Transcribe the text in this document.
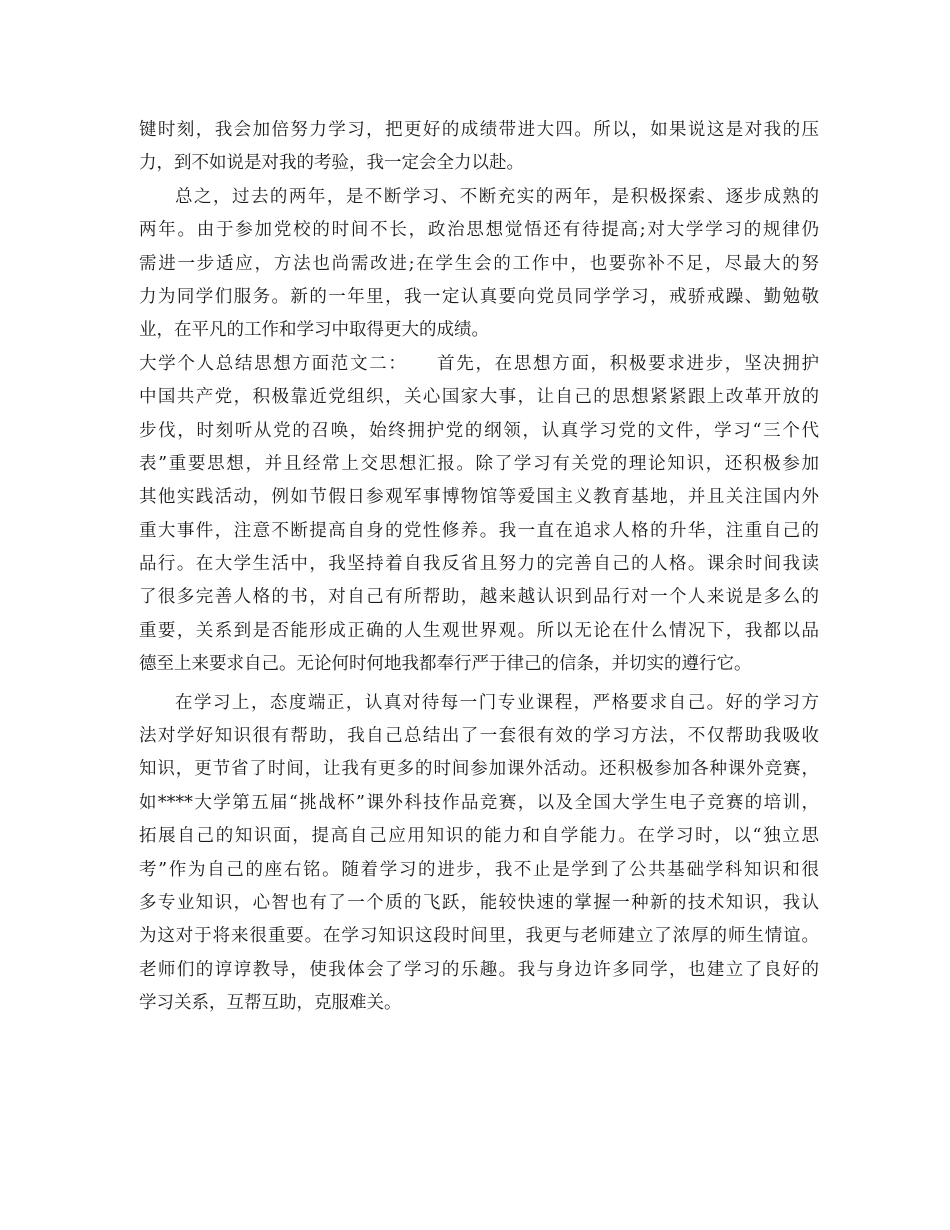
键时刻，我会加倍努力学习，把更好的成绩带进大四。所以，如果说这是对我的压
力，到不如说是对我的考验，我一定会全力以赴。
总之，过去的两年，是不断学习、不断充实的两年，是积极探索、逐步成熟的
两年。由于参加党校的时间不长，政治思想觉悟还有待提高;对大学学习的规律仍
需进一步适应，方法也尚需改进;在学生会的工作中，也要弥补不足，尽最大的努
力为同学们服务。新的一年里，我一定认真要向党员同学学习，戒骄戒躁、勤勉敬
业，在平凡的工作和学习中取得更大的成绩。
大学个人总结思想方面范文二：　　首先，在思想方面，积极要求进步，坚决拥护
中国共产党，积极靠近党组织，关心国家大事，让自己的思想紧紧跟上改革开放的
步伐，时刻听从党的召唤，始终拥护党的纲领，认真学习党的文件，学习“三个代
表”重要思想，并且经常上交思想汇报。除了学习有关党的理论知识，还积极参加
其他实践活动，例如节假日参观军事博物馆等爱国主义教育基地，并且关注国内外
重大事件，注意不断提高自身的党性修养。我一直在追求人格的升华，注重自己的
品行。在大学生活中，我坚持着自我反省且努力的完善自己的人格。课余时间我读
了很多完善人格的书，对自己有所帮助，越来越认识到品行对一个人来说是多么的
重要，关系到是否能形成正确的人生观世界观。所以无论在什么情况下，我都以品
德至上来要求自己。无论何时何地我都奉行严于律己的信条，并切实的遵行它。
在学习上，态度端正，认真对待每一门专业课程，严格要求自己。好的学习方
法对学好知识很有帮助，我自己总结出了一套很有效的学习方法，不仅帮助我吸收
知识，更节省了时间，让我有更多的时间参加课外活动。还积极参加各种课外竞赛，
如****大学第五届“挑战杯”课外科技作品竞赛，以及全国大学生电子竞赛的培训，
拓展自己的知识面，提高自己应用知识的能力和自学能力。在学习时，以“独立思
考”作为自己的座右铭。随着学习的进步，我不止是学到了公共基础学科知识和很
多专业知识，心智也有了一个质的飞跃，能较快速的掌握一种新的技术知识，我认
为这对于将来很重要。在学习知识这段时间里，我更与老师建立了浓厚的师生情谊。
老师们的谆谆教导，使我体会了学习的乐趣。我与身边许多同学，也建立了良好的
学习关系，互帮互助，克服难关。
